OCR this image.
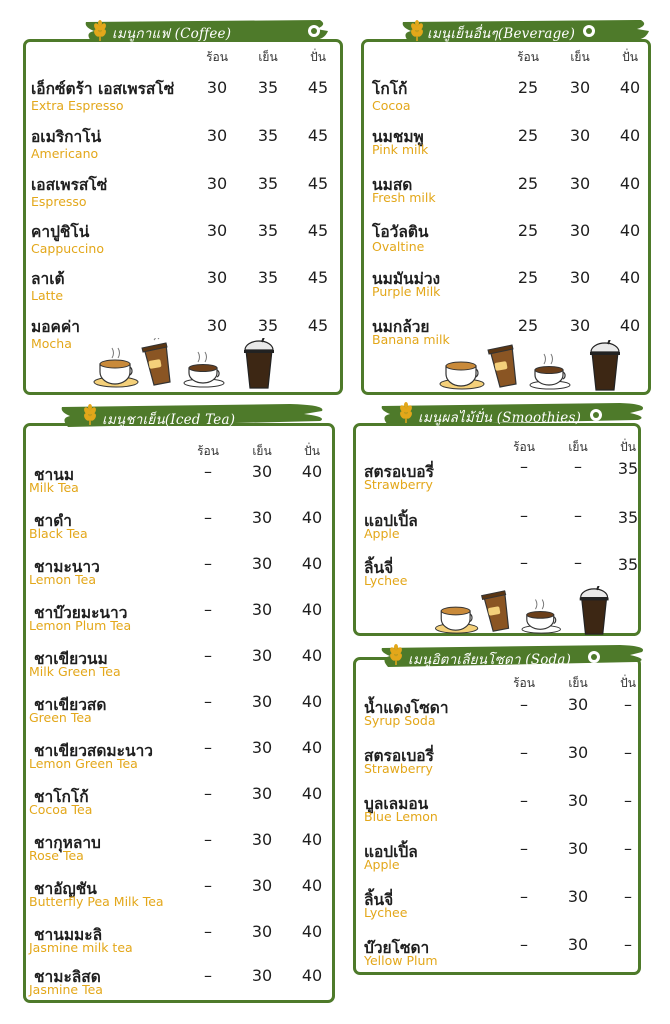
ร้อน	เย็น	ปั่น
เอ็กซ์ตร้า เอสเพรสโซ่
Extra Espresso
30	35	45
อเมริกาโน่
Americano
30	35	45
เอสเพรสโซ่
Espresso
30	35	45
คาปูชิโน่
Cappuccino
30	35	45
ลาเต้
Latte
30	35	45
มอคค่า
Mocha
30	35	45
เมนูกาแฟ (Coffee)
ร้อน	เย็น	ปั่น
โกโก้
Cocoa
25	30	40
นมชมพู
Pink milk
25	30	40
นมสด
Fresh milk
25	30	40
โอวัลติน
Ovaltine
25	30	40
นมมันม่วง
Purple Milk
25	30	40
นมกล้วย
Banana milk
25	30	40
เมนูเย็นอื่นๆ(Beverage)
ร้อน	เย็น	ปั่น
ชานม
Milk Tea
–	30	40
ชาดำ
Black Tea
–	30	40
ชามะนาว
Lemon Tea
–	30	40
ชาบ๊วยมะนาว
Lemon Plum Tea
–	30	40
ชาเขียวนม
Milk Green Tea
–	30	40
ชาเขียวสด
Green Tea
–	30	40
ชาเขียวสดมะนาว
Lemon Green Tea
–	30	40
ชาโกโก้
Cocoa Tea
–	30	40
ชากุหลาบ
Rose Tea
–	30	40
ชาอัญชัน
Butterfly Pea Milk Tea
–	30	40
ชานมมะลิ
Jasmine milk tea
–	30	40
ชามะลิสด
Jasmine Tea
–	30	40
เมนูชาเย็น(Iced Tea)
ร้อน	เย็น	ปั่น
สตรอเบอรี่
Strawberry
–	–	35
แอปเปิ้ล
Apple
–	–	35
ลิ้นจี่
Lychee
–	–	35
เมนูผลไม้ปั่น (Smoothies)
ร้อน	เย็น	ปั่น
น้ำแดงโซดา
Syrup Soda
–	30	–
สตรอเบอรี่
Strawberry
–	30	–
บูลเลมอน
Blue Lemon
–	30	–
แอปเปิ้ล
Apple
–	30	–
ลิ้นจี่
Lychee
–	30	–
บ๊วยโซดา
Yellow Plum
–	30	–
เมนูอิตาเลียนโซดา (Soda)
